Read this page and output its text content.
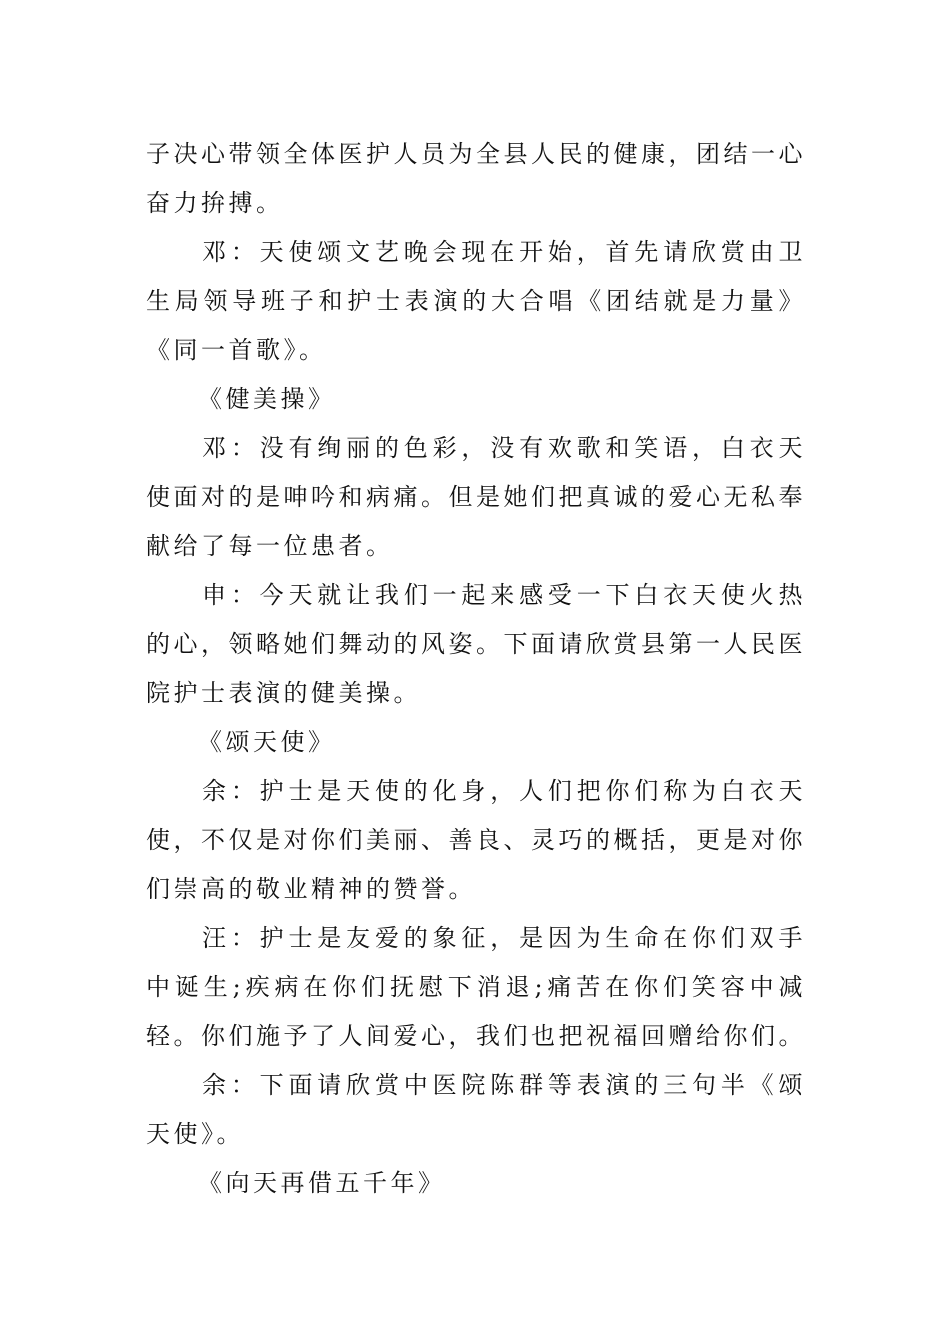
子决心带领全体医护人员为全县人民的健康，团结一心奋力拚搏。

邓：天使颂文艺晚会现在开始，首先请欣赏由卫生局领导班子和护士表演的大合唱《团结就是力量》《同一首歌》。

《健美操》

邓：没有绚丽的色彩，没有欢歌和笑语，白衣天使面对的是呻吟和病痛。但是她们把真诚的爱心无私奉献给了每一位患者。

申：今天就让我们一起来感受一下白衣天使火热的心，领略她们舞动的风姿。下面请欣赏县第一人民医院护士表演的健美操。

《颂天使》

余：护士是天使的化身，人们把你们称为白衣天使，不仅是对你们美丽、善良、灵巧的概括，更是对你们崇高的敬业精神的赞誉。

汪：护士是友爱的象征，是因为生命在你们双手中诞生;疾病在你们抚慰下消退;痛苦在你们笑容中减轻。你们施予了人间爱心，我们也把祝福回赠给你们。

余：下面请欣赏中医院陈群等表演的三句半《颂天使》。

《向天再借五千年》
